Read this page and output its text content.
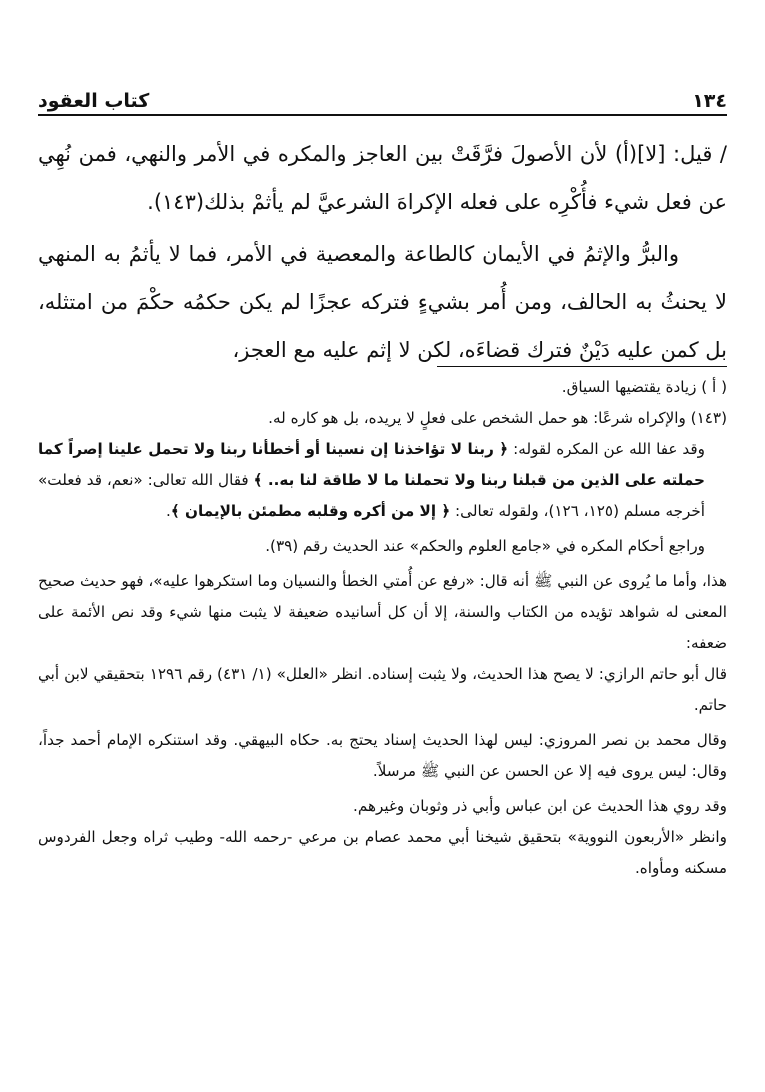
١٣٤
كتاب العقود

/ قيل: [لا](أ) لأن الأصولَ فرَّقَتْ بين العاجز والمكره في الأمر والنهي، فمن نُهِي عن فعل شيء فأُكْرِه على فعله الإكراهَ الشرعيَّ لم يأثمْ بذلك(١٤٣).

والبرُّ والإثمُ في الأيمان كالطاعة والمعصية في الأمر، فما لا يأثمُ به المنهي لا يحنثُ به الحالف، ومن أُمر بشيءٍ فتركه عجزًا لم يكن حكمُه حكْمَ من امتثله، بل كمن عليه دَيْنٌ فترك قضاءَه، لكن لا إثم عليه مع العجز،

( أ ) زيادة يقتضيها السياق.

(١٤٣) والإكراه شرعًا: هو حمل الشخص على فعلٍ لا يريده، بل هو كاره له.

وقد عفا الله عن المكره لقوله: ﴿ ربنا لا تؤاخذنا إن نسينا أو أخطأنا ربنا ولا تحمل علينا إصراً كما حملته على الذين من قبلنا ربنا ولا تحملنا ما لا طاقة لنا به.. ﴾ فقال الله تعالى: «نعم، قد فعلت» أخرجه مسلم (١٢٥، ١٢٦)، ولقوله تعالى: ﴿ إلا من أكره وقلبه مطمئن بالإيمان ﴾.

وراجع أحكام المكره في «جامع العلوم والحكم» عند الحديث رقم (٣٩).

هذا، وأما ما يُروى عن النبي ﷺ أنه قال: «رفع عن أُمتي الخطأ والنسيان وما استكرهوا عليه»، فهو حديث صحيح المعنى له شواهد تؤيده من الكتاب والسنة، إلا أن كل أسانيده ضعيفة لا يثبت منها شيء وقد نص الأئمة على ضعفه:

قال أبو حاتم الرازي: لا يصح هذا الحديث، ولا يثبت إسناده. انظر «العلل» (١/ ٤٣١) رقم ١٢٩٦ بتحقيقي لابن أبي حاتم.

وقال محمد بن نصر المروزي: ليس لهذا الحديث إسناد يحتج به. حكاه البيهقي. وقد استنكره الإمام أحمد جداً، وقال: ليس يروى فيه إلا عن الحسن عن النبي ﷺ مرسلاً.

وقد روي هذا الحديث عن ابن عباس وأبي ذر وثوبان وغيرهم.

وانظر «الأربعون النووية» بتحقيق شيخنا أبي محمد عصام بن مرعي -رحمه الله- وطيب ثراه وجعل الفردوس مسكنه ومأواه.
